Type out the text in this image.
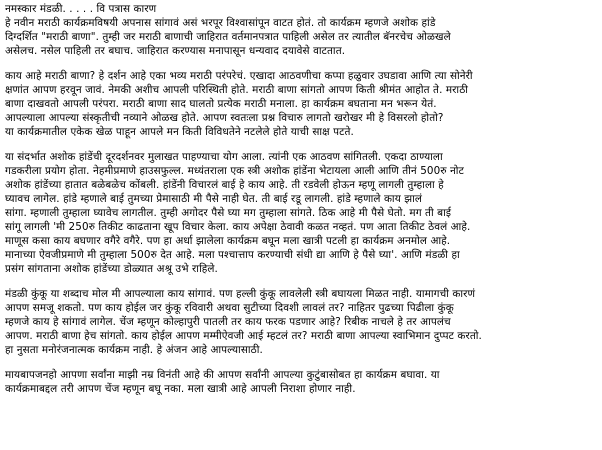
नमस्कार मंडळी. . . . . वि पत्रास कारण
हे नवीन मराठी कार्यक्रमविषयी अपनास सांगावं असं भरपूर विश्वासांपून वाटत होतं. तो कार्यक्रम म्हणजे अशोक हांडे
दिग्दर्शित "मराठी बाणा". तुम्ही जर मराठी बाणाची जाहिरात वर्तमानपत्रात पाहिली असेल तर त्यातील बॅनरचेच ओळखले
असेलच. नसेल पाहिली तर बघाच. जाहिरात करण्यास मनापासून धन्यवाद दयावेसे वाटतात.
काय आहे मराठी बाणा? हे दर्शन आहे एका भव्य मराठी परंपरेचं. एखादा आठवणीचा कप्पा हळुवार उघडावा आणि त्या सोनेरी
क्षणांत आपण हरवून जावं. नेमकी अशीच आपली परिस्थिती होते. मराठी बाणा सांगतो आपण किती श्रीमंत आहोत ते. मराठी
बाणा दाखवतो आपली परंपरा. मराठी बाणा साद घालतो प्रत्येक मराठी मनाला. हा कार्यक्रम बघताना मन भरून येतं.
आपल्याला आपल्या संस्कृतीची नव्याने ओळख होते. आपण स्वतःला प्रश्न विचारु लागतो खरोखर मी हे विसरलो होतो?
या कार्यक्रमातील एकेक खेळ पाहून आपले मन किती विविधतेने नटलेले होते याची साक्ष पटते.
या संदर्भात अशोक हांडेंची दूरदर्शनवर मुलाखत पाहण्याचा योग आला. त्यांनी एक आठवण सांगितली. एकदा ठाण्याला
गडकरीला प्रयोग होता. नेहमीप्रमाणे हाउसफुल्ल. मध्यंतराला एक स्त्री अशोक हांडेंना भेटायला आली आणि तीनं 500रु नोट
अशोक हांडेंच्या हातात बळेबळेच कोंबली. हांडेंनी विचारलं बाई हे काय आहे. ती रडवेली होऊन म्हणू लागली तुम्हाला हे
घ्यावच लागेल. हांडे म्हणाले बाई तुमच्या प्रेमासाठी मी पैसे नाही घेत. ती बाई रडू लागली. हांडे म्हणाले काय झालं
सांगा. म्हणाली तुम्हाला घ्यावेच लागतील. तुम्ही अगोदर पैसे घ्या मग तुम्हाला सांगते. ठिक आहे मी पैसे घेतो. मग ती बाई
सांगू लागली 'मी 250रु तिकीट काढताना खूप विचार केला. काय अपेक्षा ठेवावी कळत नव्हतं. पण आता तिकीट ठेवलं आहे.
माणूस कसा काय बघणार वगैरे वगैरे. पण हा अर्धा झालेला कार्यक्रम बघून मला खात्री पटली हा कार्यक्रम अनमोल आहे.
मानाच्या ऐवजीप्रमाणे मी तुम्हाला 500रु देत आहे. मला पश्चात्ताप करण्याची संधी द्या आणि हे पैसे घ्या'. आणि मंडळी हा
प्रसंग सांगताना अशोक हांडेंच्या डोळ्यात अश्रू उभे राहिले.
मंडळी कुंकू या शब्दाच मोल मी आपल्याला काय सांगावं. पण हल्ली कुंकू लावलेली स्त्री बघायला मिळत नाही. यामागची कारणं
आपण समजू शकतो. पण काय होईल जर कुंकू रविवारी अथवा सुटीच्या दिवशी लावलं तर? नाहितर पुढच्या पिढीला कुंकू
म्हणजे काय हे सांगावं लागेल. चेंज म्हणून कोल्हापुरी पातली तर काय फरक पडणार आहे? रिबीक नाचले हे तर आपलंच
आपण. मराठी बाणा हेच सांगतो. काय होईल आपण मम्मीऐवजी आई म्हटलं तर? मराठी बाणा आपल्या स्वाभिमान दुप्पट करतो.
हा नुसता मनोरंजनात्मक कार्यक्रम नाही. हे अंजन आहे आपल्यासाठी.
मायबापजनहो आपणा सर्वांना माझी नम्र विनंती आहे की आपण सर्वांनी आपल्या कुटुंबासोबत हा कार्यक्रम बघावा. या
कार्यक्रमाबद्दल तरी आपण चेंज म्हणून बघू नका. मला खात्री आहे आपली निराशा होणार नाही.
